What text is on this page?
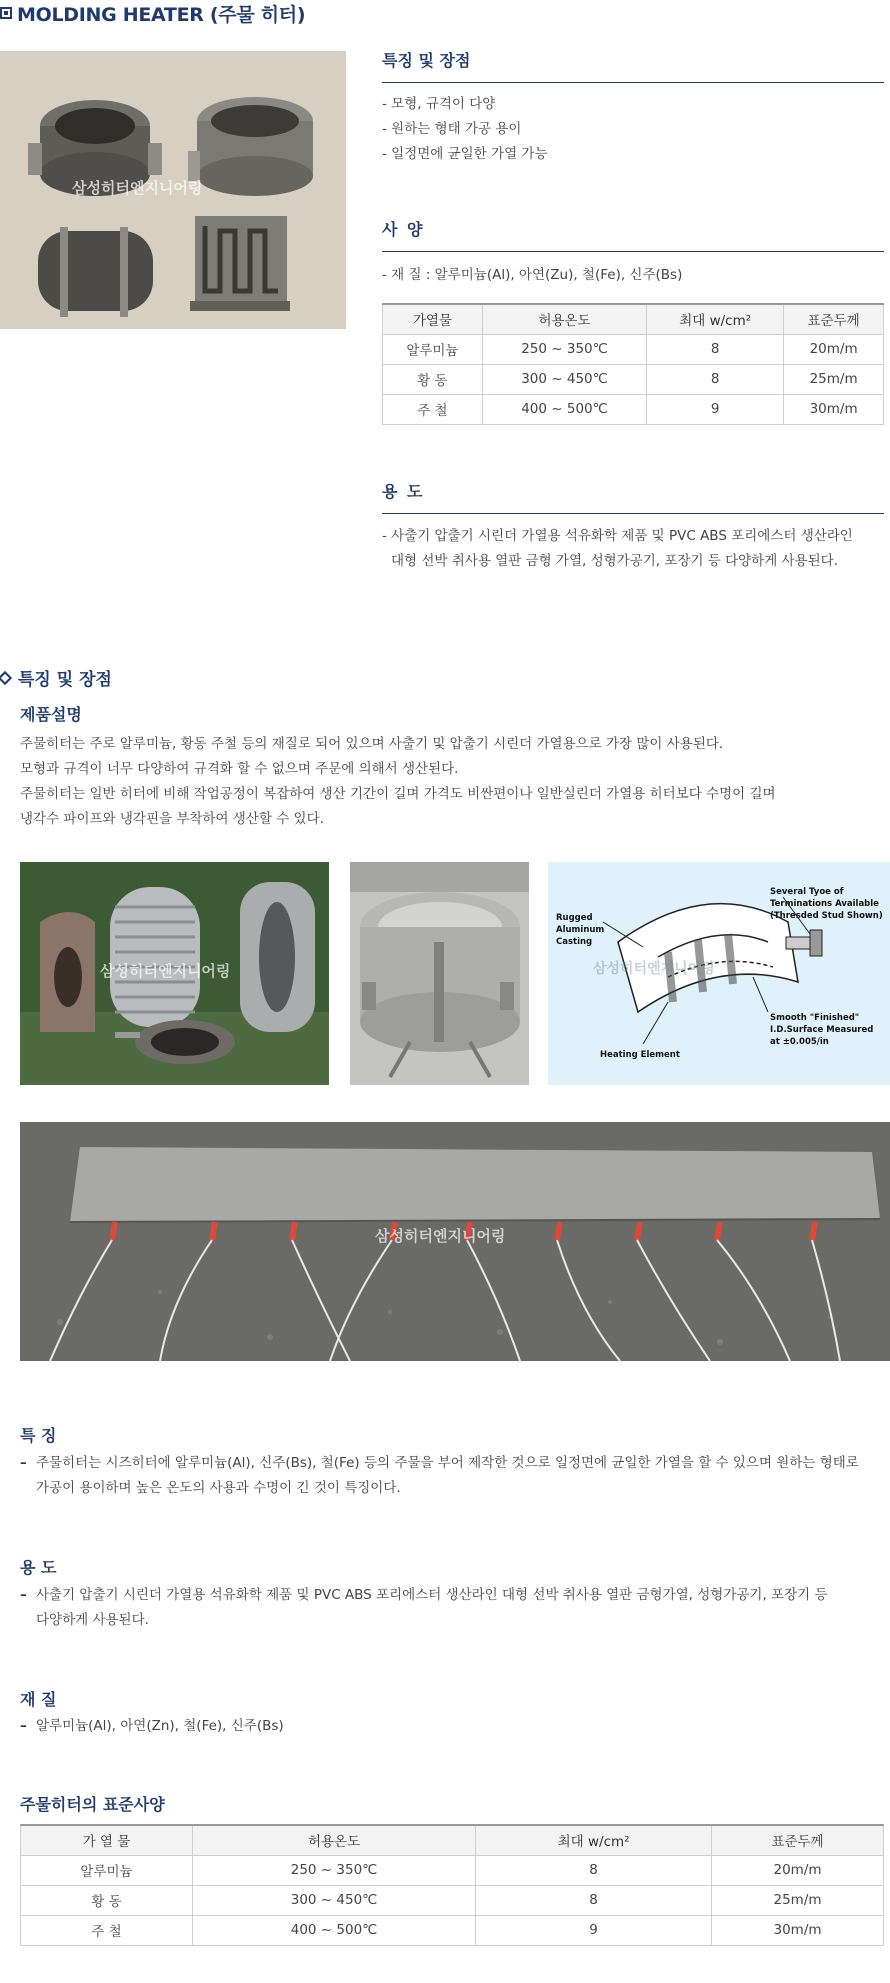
MOLDING HEATER (주물 히터)
삼성히터엔지니어링
특징 및 장점
- 모형, 규격이 다양
- 원하는 형태 가공 용이
- 일정면에 균일한 가열 가능
사 양
- 재 질 : 알루미늄(Al), 아연(Zu), 철(Fe), 신주(Bs)
가열물	허용온도	최대 w/cm²	표준두께
알루미늄	250 ~ 350℃	8	20m/m
황 동	300 ~ 450℃	8	25m/m
주 철	400 ~ 500℃	9	30m/m
용 도
- 사출기 압출기 시린더 가열용 석유화학 제품 및 PVC ABS 포리에스터 생산라인
대형 선박 취사용 열판 금형 가열, 성형가공기, 포장기 등 다양하게 사용된다.
특징 및 장점
제품설명
주물히터는 주로 알루미늄, 황동 주철 등의 재질로 되어 있으며 사출기 및 압출기 시린더 가열용으로 가장 많이 사용된다.
모형과 규격이 너무 다양하여 규격화 할 수 없으며 주문에 의해서 생산된다.
주물히터는 일반 히터에 비해 작업공정이 복잡하여 생산 기간이 길며 가격도 비싼편이나 일반실린더 가열용 히터보다 수명이 길며
냉각수 파이프와 냉각핀을 부착하여 생산할 수 있다.
삼성히터엔지니어링
Rugged
Aluminum
Casting
Several Tyoe of
Terminations Available
(Thresded Stud Shown)
Smooth "Finished"
I.D.Surface Measured
at ±0.005/in
Heating Element
삼성히터엔지니어링
삼성히터엔지니어링
특 징
– 주물히터는 시즈히터에 알루미늄(Al), 신주(Bs), 철(Fe) 등의 주물을 부어 제작한 것으로 일정면에 균일한 가열을 할 수 있으며 원하는 형태로
가공이 용이하며 높은 온도의 사용과 수명이 긴 것이 특징이다.
용 도
– 사출기 압출기 시린더 가열용 석유화학 제품 및 PVC ABS 포리에스터 생산라인 대형 선박 취사용 열판 금형가열, 성형가공기, 포장기 등
다양하게 사용된다.
재 질
– 알루미늄(Al), 아연(Zn), 철(Fe), 신주(Bs)
주물히터의 표준사양
가 열 물	허용온도	최대 w/cm²	표준두께
알루미늄	250 ~ 350℃	8	20m/m
황 동	300 ~ 450℃	8	25m/m
주 철	400 ~ 500℃	9	30m/m
